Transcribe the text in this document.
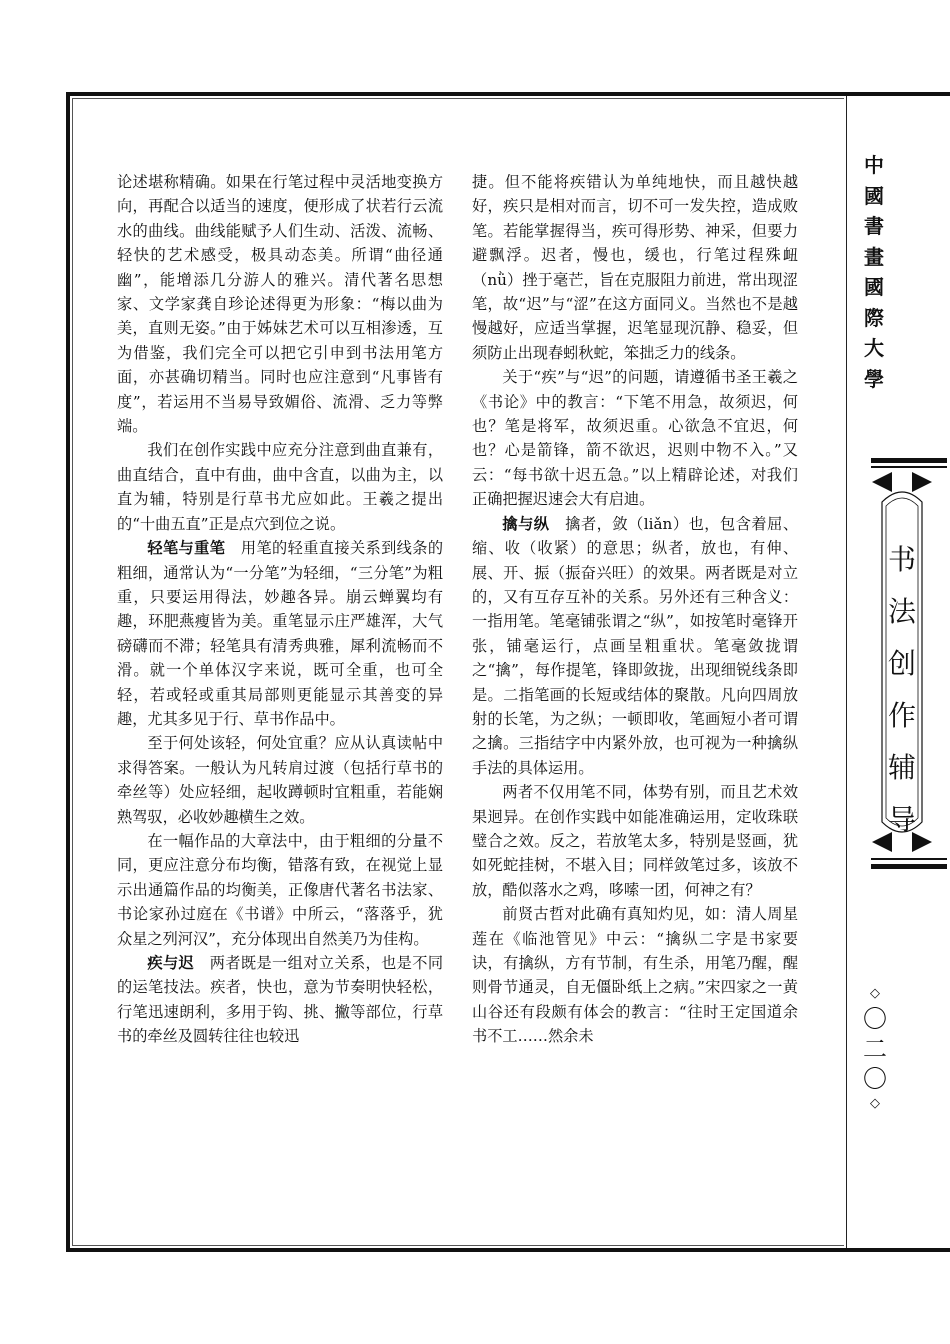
论述堪称精确。如果在行笔过程中灵活地变换方向，再配合以适当的速度，便形成了状若行云流水的曲线。曲线能赋予人们生动、活泼、流畅、轻快的艺术感受，极具动态美。所谓“曲径通幽”，能增添几分游人的雅兴。清代著名思想家、文学家龚自珍论述得更为形象：“梅以曲为美，直则无姿。”由于姊妹艺术可以互相渗透，互为借鉴，我们完全可以把它引申到书法用笔方面，亦甚确切精当。同时也应注意到“凡事皆有度”，若运用不当易导致媚俗、流滑、乏力等弊端。

我们在创作实践中应充分注意到曲直兼有，曲直结合，直中有曲，曲中含直，以曲为主，以直为辅，特别是行草书尤应如此。王羲之提出的“十曲五直”正是点穴到位之说。

轻笔与重笔　 用笔的轻重直接关系到线条的粗细，通常认为“一分笔”为轻细，“三分笔”为粗重，只要运用得法，妙趣各异。崩云蝉翼均有趣，环肥燕瘦皆为美。重笔显示庄严雄浑，大气磅礴而不滞；轻笔具有清秀典雅，犀利流畅而不滑。就一个单体汉字来说，既可全重，也可全轻，若或轻或重其局部则更能显示其善变的异趣，尤其多见于行、草书作品中。

至于何处该轻，何处宜重？应从认真读帖中求得答案。一般认为凡转肩过渡（包括行草书的牵丝等）处应轻细，起收蹲顿时宜粗重，若能娴熟驾驭，必收妙趣横生之效。

在一幅作品的大章法中，由于粗细的分量不同，更应注意分布均衡，错落有致，在视觉上显示出通篇作品的均衡美，正像唐代著名书法家、书论家孙过庭在《书谱》中所云，“落落乎，犹众星之列河汉”，充分体现出自然美乃为佳构。

疾与迟　 两者既是一组对立关系，也是不同的运笔技法。疾者，快也，意为节奏明快轻松，行笔迅速朗利，多用于钩、挑、撇等部位，行草书的牵丝及圆转往往也较迅

捷。但不能将疾错认为单纯地快，而且越快越好，疾只是相对而言，切不可一发失控，造成败笔。若能掌握得当，疾可得形势、神采，但要力避飘浮。迟者，慢也，缓也，行笔过程殊衄（nǜ）挫于毫芒，旨在克服阻力前进，常出现涩笔，故“迟”与“涩”在这方面同义。当然也不是越慢越好，应适当掌握，迟笔显现沉静、稳妥，但须防止出现春蚓秋蛇，笨拙乏力的线条。

关于“疾”与“迟”的问题，请遵循书圣王羲之《书论》中的教言：“下笔不用急，故须迟，何也？笔是将军，故须迟重。心欲急不宜迟，何也？心是箭锋，箭不欲迟，迟则中物不入。”又云：“每书欲十迟五急。”以上精辟论述，对我们正确把握迟速会大有启迪。

擒与纵　 擒者，敛（liǎn）也，包含着屈、缩、收（收紧）的意思；纵者，放也，有伸、展、开、振（振奋兴旺）的效果。两者既是对立的，又有互存互补的关系。另外还有三种含义：一指用笔。笔毫铺张谓之“纵”，如按笔时毫锋开张，铺毫运行，点画呈粗重状。笔毫敛拢谓之“擒”，每作提笔，锋即敛拢，出现细锐线条即是。二指笔画的长短或结体的聚散。凡向四周放射的长笔，为之纵；一顿即收，笔画短小者可谓之擒。三指结字中内紧外放，也可视为一种擒纵手法的具体运用。

两者不仅用笔不同，体势有别，而且艺术效果迥异。在创作实践中如能准确运用，定收珠联璧合之效。反之，若放笔太多，特别是竖画，犹如死蛇挂树，不堪入目；同样敛笔过多，该放不放，酷似落水之鸡，哆嗦一团，何神之有？

前贤古哲对此确有真知灼见，如：清人周星莲在《临池管见》中云：“擒纵二字是书家要诀，有擒纵，方有节制，有生杀，用笔乃醒，醒则骨节通灵，自无僵卧纸上之病。”宋四家之一黄山谷还有段颇有体会的教言：“往时王定国道余书不工……然余未

中
國
書
畫
國
際
大
學
书
法
创
作
辅
导
◇
〇
二
〇
◇
